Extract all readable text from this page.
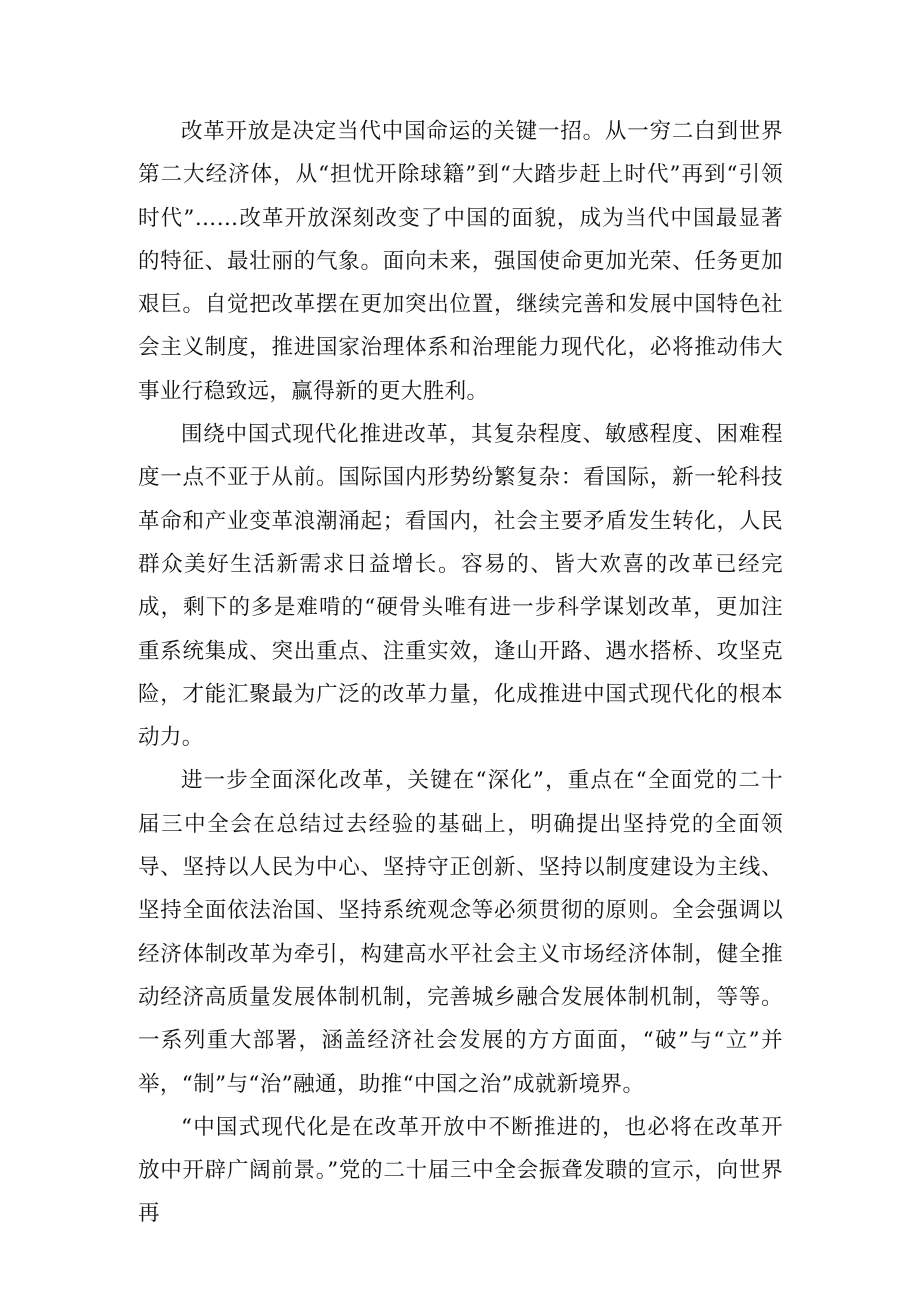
改革开放是决定当代中国命运的关键一招。从一穷二白到世界第二大经济体，从“担忧开除球籍”到“大踏步赶上时代”再到“引领时代”……改革开放深刻改变了中国的面貌，成为当代中国最显著的特征、最壮丽的气象。面向未来，强国使命更加光荣、任务更加艰巨。自觉把改革摆在更加突出位置，继续完善和发展中国特色社会主义制度，推进国家治理体系和治理能力现代化，必将推动伟大事业行稳致远，赢得新的更大胜利。

围绕中国式现代化推进改革，其复杂程度、敏感程度、困难程度一点不亚于从前。国际国内形势纷繁复杂：看国际，新一轮科技革命和产业变革浪潮涌起；看国内，社会主要矛盾发生转化，人民群众美好生活新需求日益增长。容易的、皆大欢喜的改革已经完成，剩下的多是难啃的“硬骨头唯有进一步科学谋划改革，更加注重系统集成、突出重点、注重实效，逢山开路、遇水搭桥、攻坚克险，才能汇聚最为广泛的改革力量，化成推进中国式现代化的根本动力。

进一步全面深化改革，关键在“深化”，重点在“全面党的二十届三中全会在总结过去经验的基础上，明确提出坚持党的全面领导、坚持以人民为中心、坚持守正创新、坚持以制度建设为主线、坚持全面依法治国、坚持系统观念等必须贯彻的原则。全会强调以经济体制改革为牵引，构建高水平社会主义市场经济体制，健全推动经济高质量发展体制机制，完善城乡融合发展体制机制，等等。一系列重大部署，涵盖经济社会发展的方方面面，“破”与“立”并举，“制”与“治”融通，助推“中国之治”成就新境界。

“中国式现代化是在改革开放中不断推进的，也必将在改革开放中开辟广阔前景。”党的二十届三中全会振聋发聩的宣示，向世界再
